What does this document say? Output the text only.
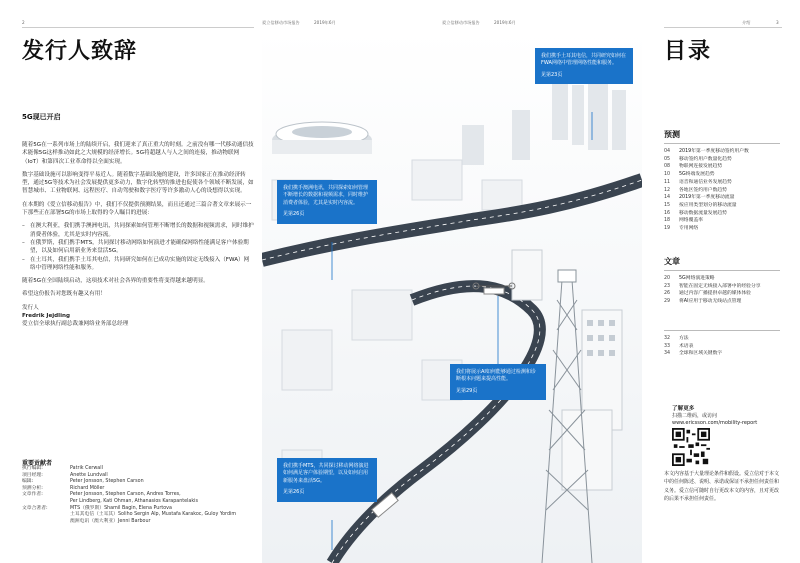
2	爱立信移动市场报告	2019年6月	爱立信移动市场报告	2019年6月	介绍	3
发行人致辞
5G现已开启

随着5G在一系列市场上的陆续开启，我们迎来了真正重大的时刻。之前没有哪一代移动通信技术能像5G这样推动如此之大规模的经济增长。5G将超越人与人之间的连接，推动物联网（IoT）和第四次工业革命得以全面实现。

数字基础设施可以影响变得平易近人。随着数字基础设施的建设，许多国家正在推动经济转型，通过5G等技术为社会发展提供更多动力，数字化转型的推进也促使各个领域不断发展，如智慧城市、工业物联网、远程医疗、自动驾驶和数字医疗等许多激动人心的设想得以实现。

在本期的《爱立信移动报告》中，我们不仅提供预测结果，而且还通过三篇合著文章来展示一下那些正在部署5G的市场上取得的令人瞩目的进展：

– 在澳大利亚，我们携手澳洲电讯，共同探索如何管理不断增长的数据和视频需求，同时维护消费者体验，尤其是实时内容流。
– 在俄罗斯，我们携手MTS，共同探讨移动网络如何演进才能确保网络性能满足客户体验期望，以及如何启用新业务来盘活5G。
– 在土耳其，我们携手土耳其电信，共同研究如何在已成功实施的固定无线接入（FWA）网络中管理网络性能和服务。

随着5G在全国陆续启动，这项技术对社会各界的重要性将变得越来越明显。

希望这份报告对您既有趣又有用！

发行人
Fredrik Jejdling
爱立信全球执行副总裁兼网络业务部总经理
重要贡献者
执行编辑:	Patrik Cerwall
项目经理:	Anette Lundvall
编辑:	Peter Jonsson, Stephen Carson
预测分析:	Richard Möller
文章作者:	Peter Jonsson, Stephen Carson, Andres Torres,
Per Lindberg, Kati Ohman, Athanasios Karapantelakis
文章合著者:	MTS（俄罗斯）Shamil Bagin, Elena Purtova
土耳其电信（土耳其）Soliho Sergin Alp, Mustafa Karakoc, Guloy Yordim
澳洲电讯（澳大利亚）Jenni Barbour
我们携手土耳其电信，共同研究如何在FWA网络中管理网络性能和服务。
见第23页
我们携手澳洲电讯，共同探索如何管理不断增长的数据和视频需求，同时维护消费者体验，尤其是实时内容流。
见第26页
我们将展示AI如何能够通过检测和诊断根本问题来提高性能。
见第29页
我们携手MTS，共同探讨移动网络演进如何满足客户体验期望，以及如何启用新服务来盘活5G。
见第26页
目录
预测
04	2019年第一季度移动签约用户数
05	移动签约用户数量化趋势
08	物联网连接发展趋势
10	5G终端发展趋势
11	语音和通信业务发展趋势
12	各地区签约用户数趋势
14	2019年第一季度移动流量
15	按应用类型划分的移动流量
16	移动数据流量发展趋势
18	网络覆盖率
19	专用网络
文章
20	5G网络演进策略
23	智能在固定无线接入部署中的经验分享
26	通过内容广播提供卓越的媒体体验
29	将AI应用于移动无线站点管理
32	方法
33	术语表
34	全球和区域关键数字
了解更多
扫描二维码，或访问
www.ericsson.com/mobility-report
本文内容基于大量理论条件和假设。爱立信对于本文中的任何陈述、说明、承诺或保证不承担任何责任和义务。爱立信可随时自行更改本文的内容，且对更改的后果不承担任何责任。
